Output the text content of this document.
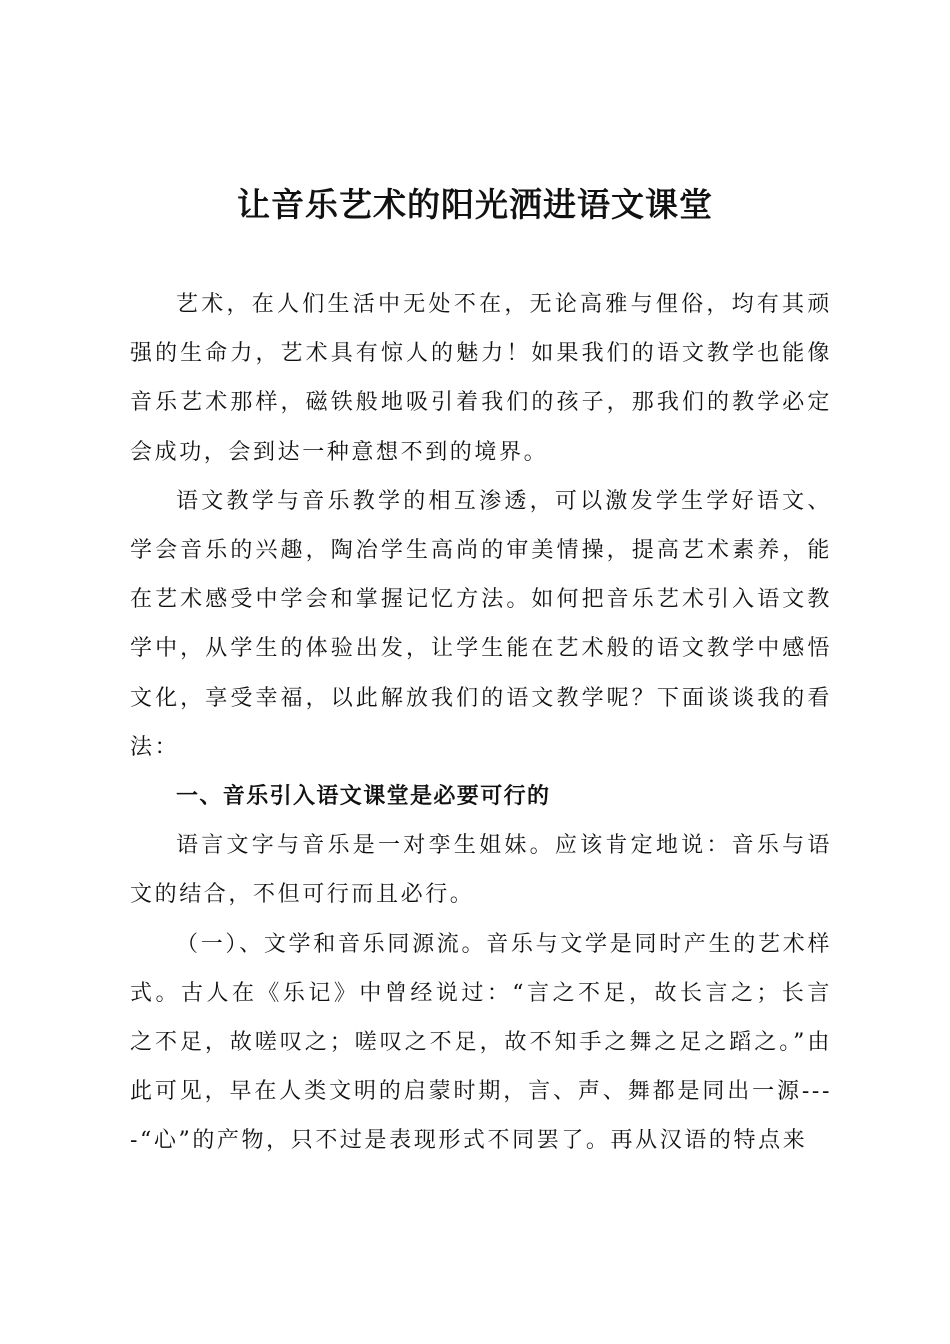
让音乐艺术的阳光洒进语文课堂

艺术，在人们生活中无处不在，无论高雅与俚俗，均有其顽强的生命力，艺术具有惊人的魅力！如果我们的语文教学也能像音乐艺术那样，磁铁般地吸引着我们的孩子，那我们的教学必定会成功，会到达一种意想不到的境界。

语文教学与音乐教学的相互渗透，可以激发学生学好语文、学会音乐的兴趣，陶冶学生高尚的审美情操，提高艺术素养，能在艺术感受中学会和掌握记忆方法。如何把音乐艺术引入语文教学中，从学生的体验出发，让学生能在艺术般的语文教学中感悟文化，享受幸福，以此解放我们的语文教学呢？下面谈谈我的看法：

一、音乐引入语文课堂是必要可行的

语言文字与音乐是一对孪生姐妹。应该肯定地说：音乐与语文的结合，不但可行而且必行。

（一）、文学和音乐同源流。音乐与文学是同时产生的艺术样式。古人在《乐记》中曾经说过：“言之不足，故长言之；长言之不足，故嗟叹之；嗟叹之不足，故不知手之舞之足之蹈之。”由此可见，早在人类文明的启蒙时期，言、声、舞都是同出一源----“心”的产物，只不过是表现形式不同罢了。再从汉语的特点来
